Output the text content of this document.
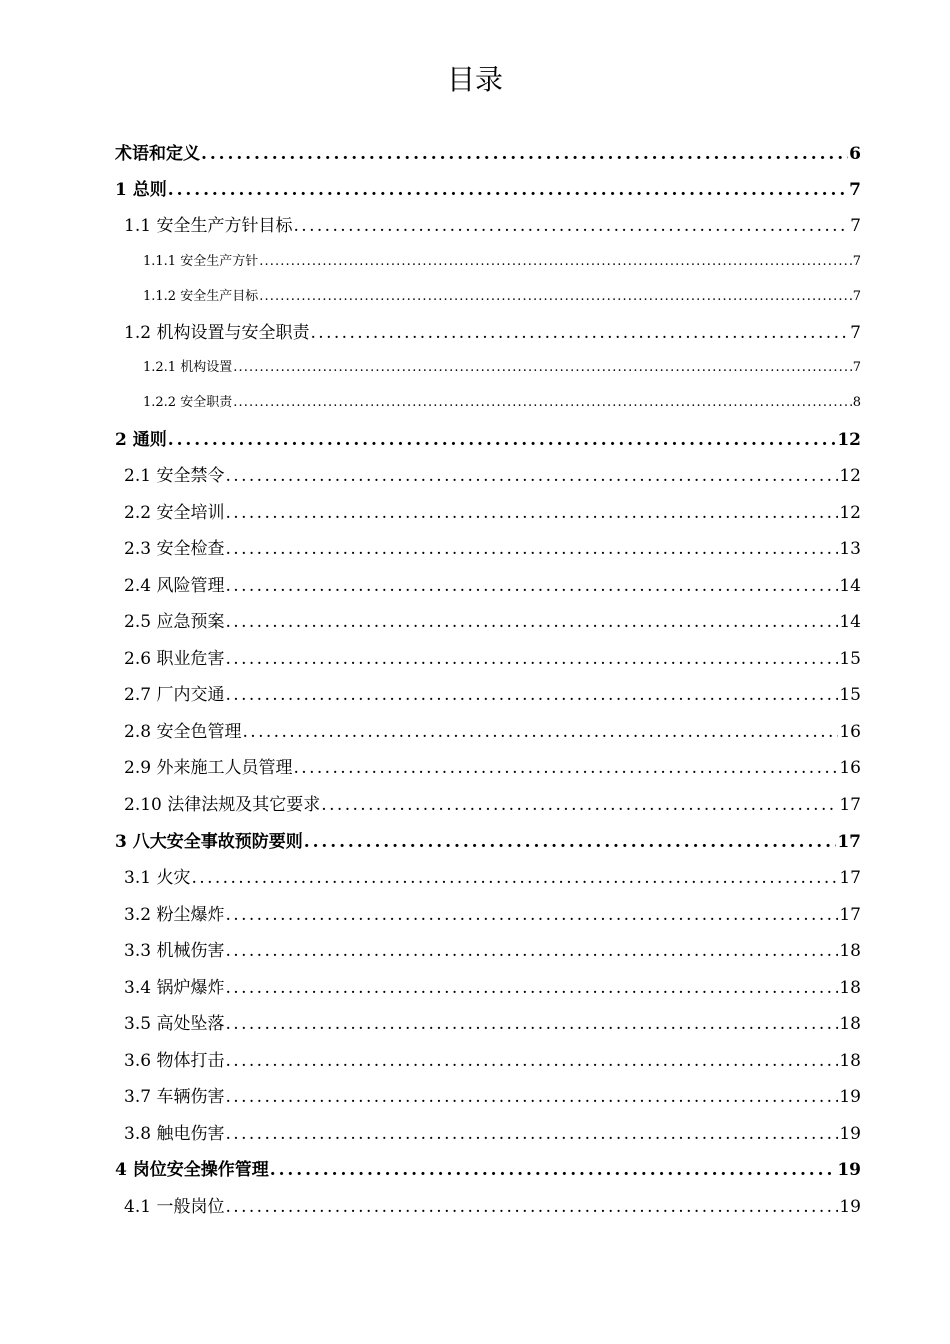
目录
术语和定义 . . .	6
1 总则 . . .	7
1.1 安全生产方针目标 . . .	7
1.1.1 安全生产方针 . . .	7
1.1.2 安全生产目标 . . .	7
1.2 机构设置与安全职责 . . .	7
1.2.1 机构设置 . . .	7
1.2.2 安全职责 . . .	8
2 通则 . . .	12
2.1 安全禁令 . . .	12
2.2 安全培训 . . .	12
2.3 安全检查 . . .	13
2.4 风险管理 . . .	14
2.5 应急预案 . . .	14
2.6 职业危害 . . .	15
2.7 厂内交通 . . .	15
2.8 安全色管理 . . .	16
2.9 外来施工人员管理 . . .	16
2.10 法律法规及其它要求 . . .	17
3 八大安全事故预防要则 . . .	17
3.1 火灾 . . .	17
3.2 粉尘爆炸 . . .	17
3.3 机械伤害 . . .	18
3.4 锅炉爆炸 . . .	18
3.5 高处坠落 . . .	18
3.6 物体打击 . . .	18
3.7 车辆伤害 . . .	19
3.8 触电伤害 . . .	19
4 岗位安全操作管理 . . .	19
4.1 一般岗位 . . .	19
